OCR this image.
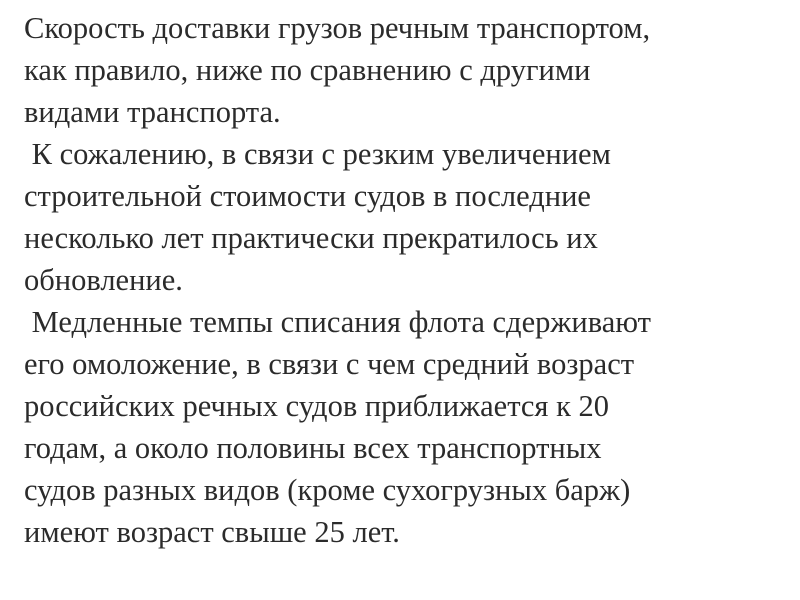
Скорость доставки грузов речным транспортом,
как правило, ниже по сравнению с другими
видами транспорта.
К сожалению, в связи с резким увеличением
строительной стоимости судов в последние
несколько лет практически прекратилось их
обновление.
Медленные темпы списания флота сдерживают
его омоложение, в связи с чем средний возраст
российских речных судов приближается к 20
годам, а около половины всех транспортных
судов разных видов (кроме сухогрузных барж)
имеют возраст свыше 25 лет.
